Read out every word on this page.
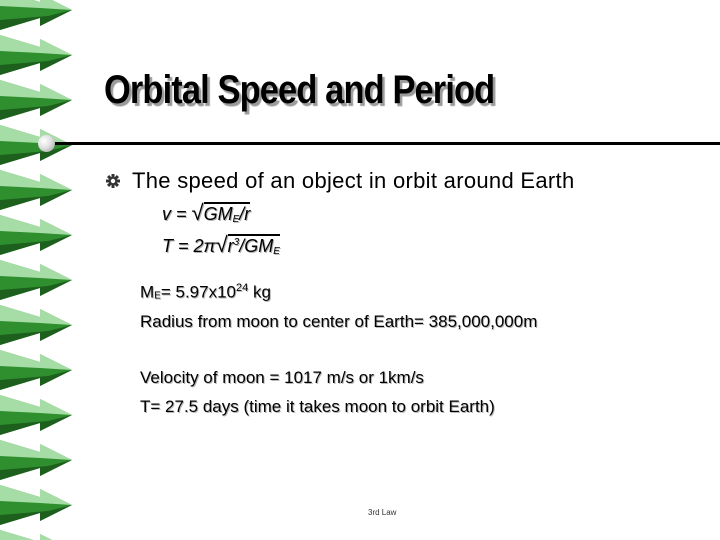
Orbital Speed and Period
The speed of an object in orbit around Earth
$v = √GM_E/r$
$T = 2\pi√r^3/GM_E$
$M_E= 5.97x10^{24}$ kg
Radius from moon to center of Earth= 385,000,000m
Velocity of moon = 1017 m/s or 1km/s
T= 27.5 days (time it takes moon to orbit Earth)
3rd Law
